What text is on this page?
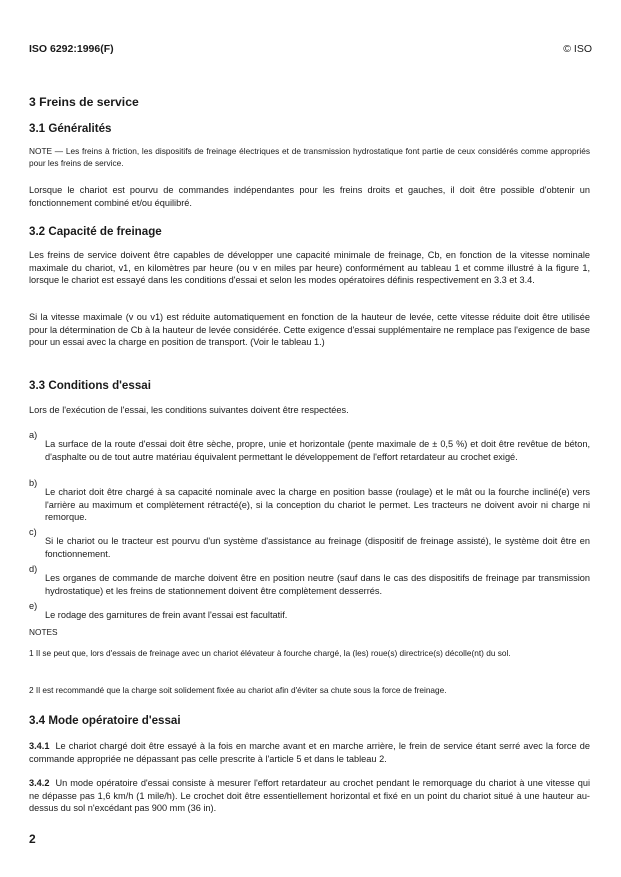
ISO 6292:1996(F)	© ISO
3 Freins de service
3.1 Généralités

NOTE — Les freins à friction, les dispositifs de freinage électriques et de transmission hydrostatique font partie de ceux considérés comme appropriés pour les freins de service.

Lorsque le chariot est pourvu de commandes indépendantes pour les freins droits et gauches, il doit être possible d'obtenir un fonctionnement combiné et/ou équilibré.

3.2 Capacité de freinage

Les freins de service doivent être capables de développer une capacité minimale de freinage, Cb, en fonction de la vitesse nominale maximale du chariot, v1, en kilomètres par heure (ou v en miles par heure) conformément au tableau 1 et comme illustré à la figure 1, lorsque le chariot est essayé dans les conditions d'essai et selon les modes opératoires définis respectivement en 3.3 et 3.4.

Si la vitesse maximale (v ou v1) est réduite automatiquement en fonction de la hauteur de levée, cette vitesse réduite doit être utilisée pour la détermination de Cb à la hauteur de levée considérée. Cette exigence d'essai supplémentaire ne remplace pas l'exigence de base pour un essai avec la charge en position de transport. (Voir le tableau 1.)

3.3 Conditions d'essai

Lors de l'exécution de l'essai, les conditions suivantes doivent être respectées.

a)

La surface de la route d'essai doit être sèche, propre, unie et horizontale (pente maximale de ± 0,5 %) et doit être revêtue de béton, d'asphalte ou de tout autre matériau équivalent permettant le développement de l'effort retardateur au crochet exigé.

b)

Le chariot doit être chargé à sa capacité nominale avec la charge en position basse (roulage) et le mât ou la fourche incliné(e) vers l'arrière au maximum et complètement rétracté(e), si la conception du chariot le permet. Les tracteurs ne doivent avoir ni charge ni remorque.

c)

Si le chariot ou le tracteur est pourvu d'un système d'assistance au freinage (dispositif de freinage assisté), le système doit être en fonctionnement.

d)

Les organes de commande de marche doivent être en position neutre (sauf dans le cas des dispositifs de freinage par transmission hydrostatique) et les freins de stationnement doivent être complètement desserrés.

e)

Le rodage des garnitures de frein avant l'essai est facultatif.

NOTES

1 Il se peut que, lors d'essais de freinage avec un chariot élévateur à fourche chargé, la (les) roue(s) directrice(s) décolle(nt) du sol.

2 Il est recommandé que la charge soit solidement fixée au chariot afin d'éviter sa chute sous la force de freinage.

3.4 Mode opératoire d'essai

3.4.1 Le chariot chargé doit être essayé à la fois en marche avant et en marche arrière, le frein de service étant serré avec la force de commande appropriée ne dépassant pas celle prescrite à l'article 5 et dans le tableau 2.

3.4.2 Un mode opératoire d'essai consiste à mesurer l'effort retardateur au crochet pendant le remorquage du chariot à une vitesse qui ne dépasse pas 1,6 km/h (1 mile/h). Le crochet doit être essentiellement horizontal et fixé en un point du chariot situé à une hauteur au-dessus du sol n'excédant pas 900 mm (36 in).

2
